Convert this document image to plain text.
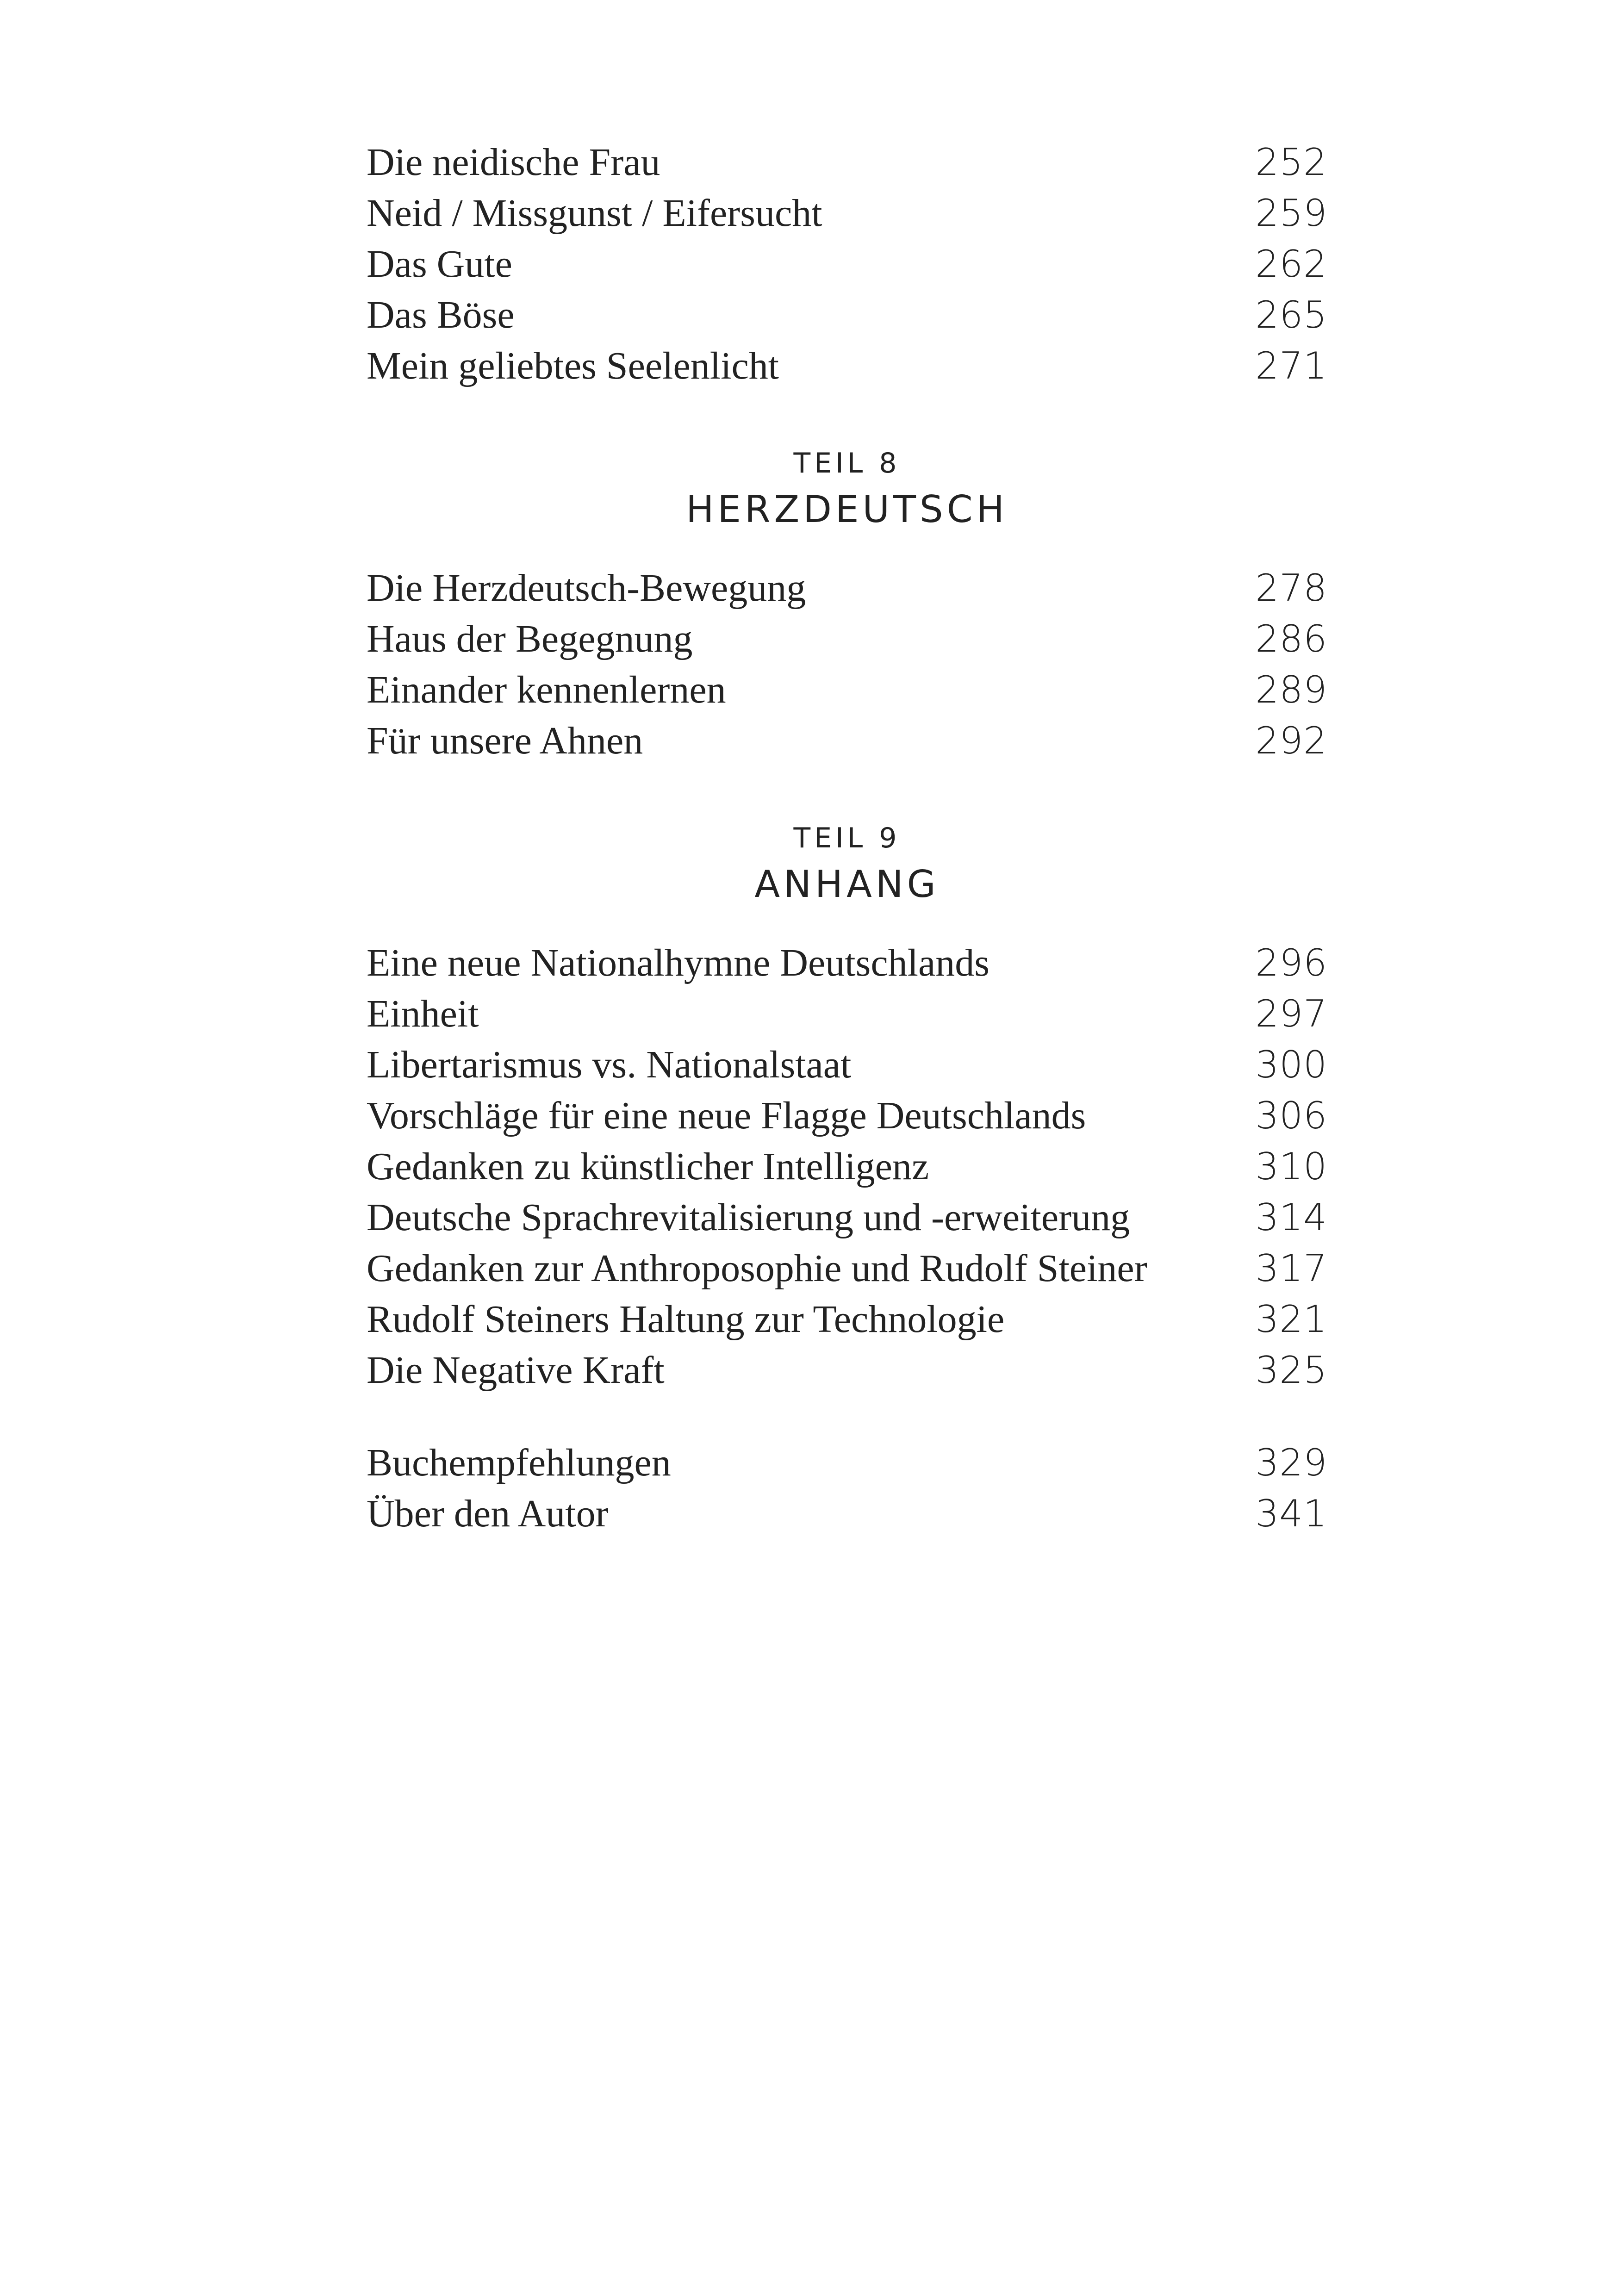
Die neidische Frau	252
Neid / Missgunst / Eifersucht	259
Das Gute	262
Das Böse	265
Mein geliebtes Seelenlicht	271
TEIL 8
HERZDEUTSCH
Die Herzdeutsch-Bewegung	278
Haus der Begegnung	286
Einander kennenlernen	289
Für unsere Ahnen	292
TEIL 9
ANHANG
Eine neue Nationalhymne Deutschlands	296
Einheit	297
Libertarismus vs. Nationalstaat	300
Vorschläge für eine neue Flagge Deutschlands	306
Gedanken zu künstlicher Intelligenz	310
Deutsche Sprachrevitalisierung und -erweiterung	314
Gedanken zur Anthroposophie und Rudolf Steiner	317
Rudolf Steiners Haltung zur Technologie	321
Die Negative Kraft	325
Buchempfehlungen	329
Über den Autor	341
